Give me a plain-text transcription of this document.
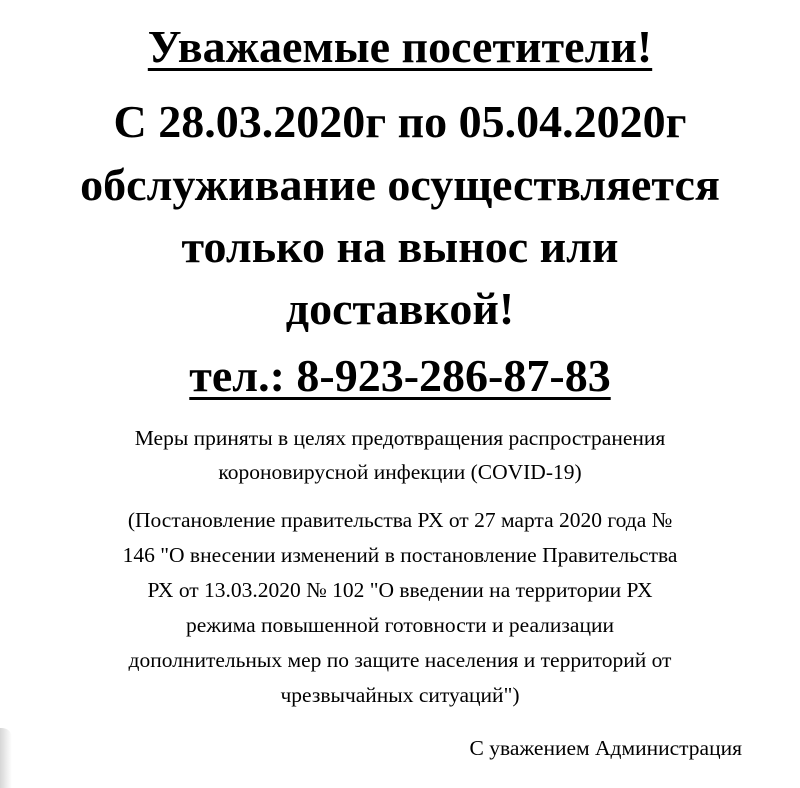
Уважаемые посетители!
С 28.03.2020г по 05.04.2020г
обслуживание осуществляется
только на вынос или
доставкой!
тел.: 8-923-286-87-83
Меры приняты в целях предотвращения распространения
короновирусной инфекции (COVID-19)
(Постановление правительства РХ от 27 марта 2020 года №
146 "О внесении изменений в постановление Правительства
РХ от 13.03.2020 № 102 "О введении на территории РХ
режима повышенной готовности и реализации
дополнительных мер по защите населения и территорий от
чрезвычайных ситуаций")
С уважением Администрация
